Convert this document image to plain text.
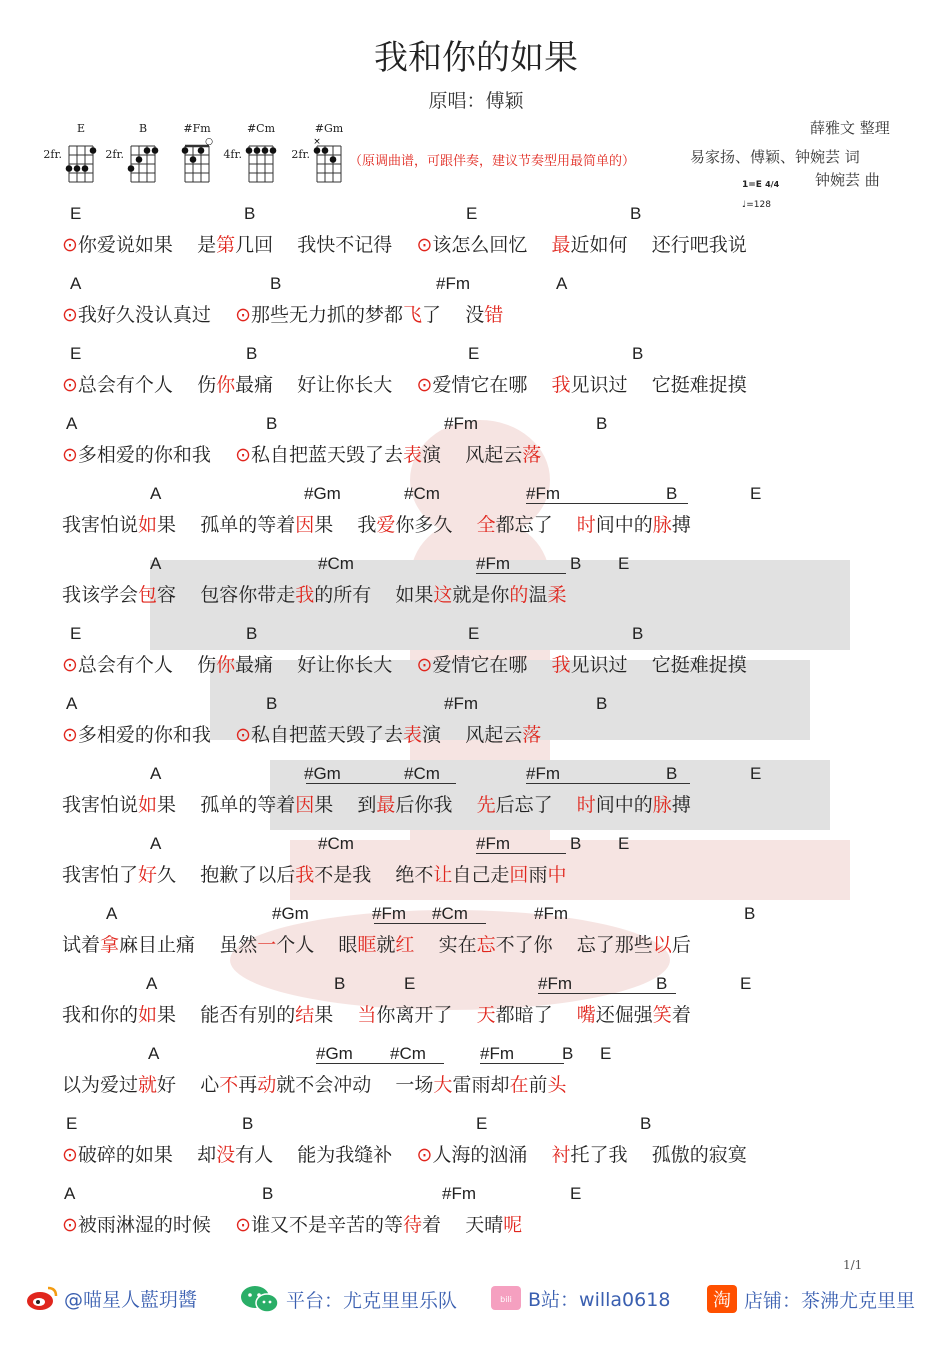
我和你的如果
原唱：傅颖
薛雅文 整理
易家扬、傅颖、钟婉芸 词
钟婉芸 曲
（原调曲谱，可跟伴奏，建议节奏型用最简单的）
1=E 4/4
♩=128
E
2fr.
B
2fr.
#Fm
○
#Cm
4fr.
#Gm
2fr.
×
E	B	E	B
⊙你爱说如果    是第几回    我快不记得    ⊙该怎么回忆    最近如何    还行吧我说
A	B	#Fm	A
⊙我好久没认真过    ⊙那些无力抓的梦都飞了    没错
E	B	E	B
⊙总会有个人    伤你最痛    好让你长大    ⊙爱情它在哪    我见识过    它挺难捉摸
A	B	#Fm	B
⊙多相爱的你和我    ⊙私自把蓝天毁了去表演    风起云落
A	#Gm	#Cm	#Fm	B	E
我害怕说如果    孤单的等着因果    我爱你多久    全都忘了    时间中的脉搏
A	#Cm	#Fm	B E
我该学会包容    包容你带走我的所有    如果这就是你的温柔
E	B	E	B
⊙总会有个人    伤你最痛    好让你长大    ⊙爱情它在哪    我见识过    它挺难捉摸
A	B	#Fm	B
⊙多相爱的你和我    ⊙私自把蓝天毁了去表演    风起云落
A	#Gm	#Cm	#Fm	B	E
我害怕说如果    孤单的等着因果    到最后你我    先后忘了    时间中的脉搏
A	#Cm	#Fm	B E
我害怕了好久    抱歉了以后我不是我    绝不让自己走回雨中
A	#Gm	#Fm #Cm	#Fm	B
试着拿麻目止痛    虽然一个人    眼眶就红    实在忘不了你    忘了那些以后
A	B	E	#Fm	B	E
我和你的如果    能否有别的结果    当你离开了    天都暗了    嘴还倔强笑着
A	#Gm #Cm	#Fm	B E
以为爱过就好    心不再动就不会冲动    一场大雷雨却在前头
E	B	E	B
⊙破碎的如果    却没有人    能为我缝补    ⊙人海的汹涌    衬托了我    孤傲的寂寞
A	B	#Fm	E
⊙被雨淋湿的时候    ⊙谁又不是辛苦的等待着    天晴呢
1/1
@喵星人藍玥醬	平台：尤克里里乐队	bili B站：willa0618 淘 店铺：茶沸尤克里里
